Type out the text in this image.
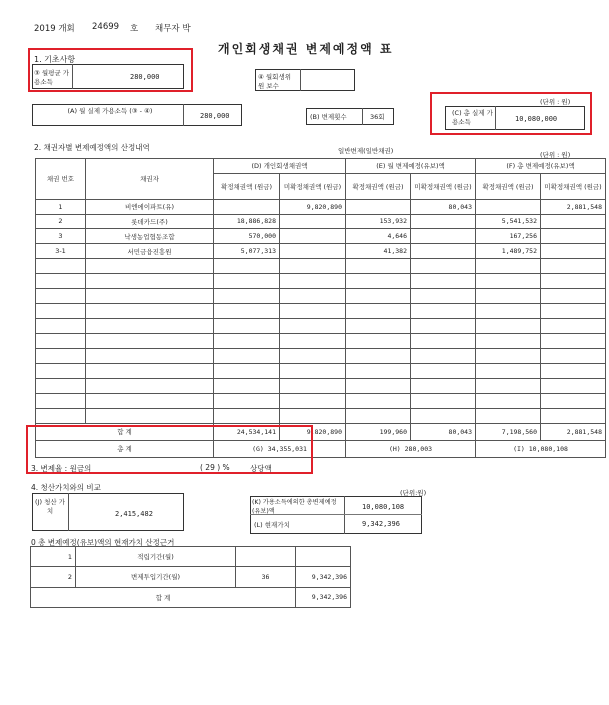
2019 개회 24699 호 채무자 박
개인회생채권 변제예정액 표
1. 기초사항
③ 월평균 가용소득
280,000	④ 월회생위 원 보수
(단위 : 원)
(A) 월 실제 가용소득 (③ - ④)
280,000	(B) 변제횟수	36회	(C) 총 실제 가용소득	10,080,000
2. 채권자별 변제예정액의 산정내역	일반변제(일반채권)	(단위 : 원)
채권 번호	채권자	(D) 개인회생채권액		(E) 월 변제예정(유보)액		(F) 총 변제예정(유보)액	
		확정채권액 (원금)	미확정채권액 (원금)	확정채권액 (원금)	미확정채권액 (원금)	확정채권액 (원금)	미확정채권액 (원금)
1	비엔에이파트(유)		9,820,890		80,043		2,881,548
2	롯데카드(주)	18,886,828		153,932		5,541,532	
3	낙생농업협동조합	570,000		4,646		167,256	
3-1	서민금융진흥원	5,077,313		41,382		1,489,752	

합 계		24,534,141	9,820,890	199,960	80,043	7,198,560	2,881,548
총 계		(G) 34,355,031		(H) 280,003		(I) 10,080,108	
3. 변제율 : 원금의	( 29 ) %	상당액
4. 청산가치와의 비교
(단위:원)
(J) 청산 가치	2,415,482
(K) 가용소득에의한 총변제예정(유보)액
10,080,108
(L) 현재가치	9,342,396
0 총 변제예정(유보)액의 현재가치 산정근거
1	적립기간(월)		
2	변제투입기간(월)	36	9,342,396
합 계			9,342,396
